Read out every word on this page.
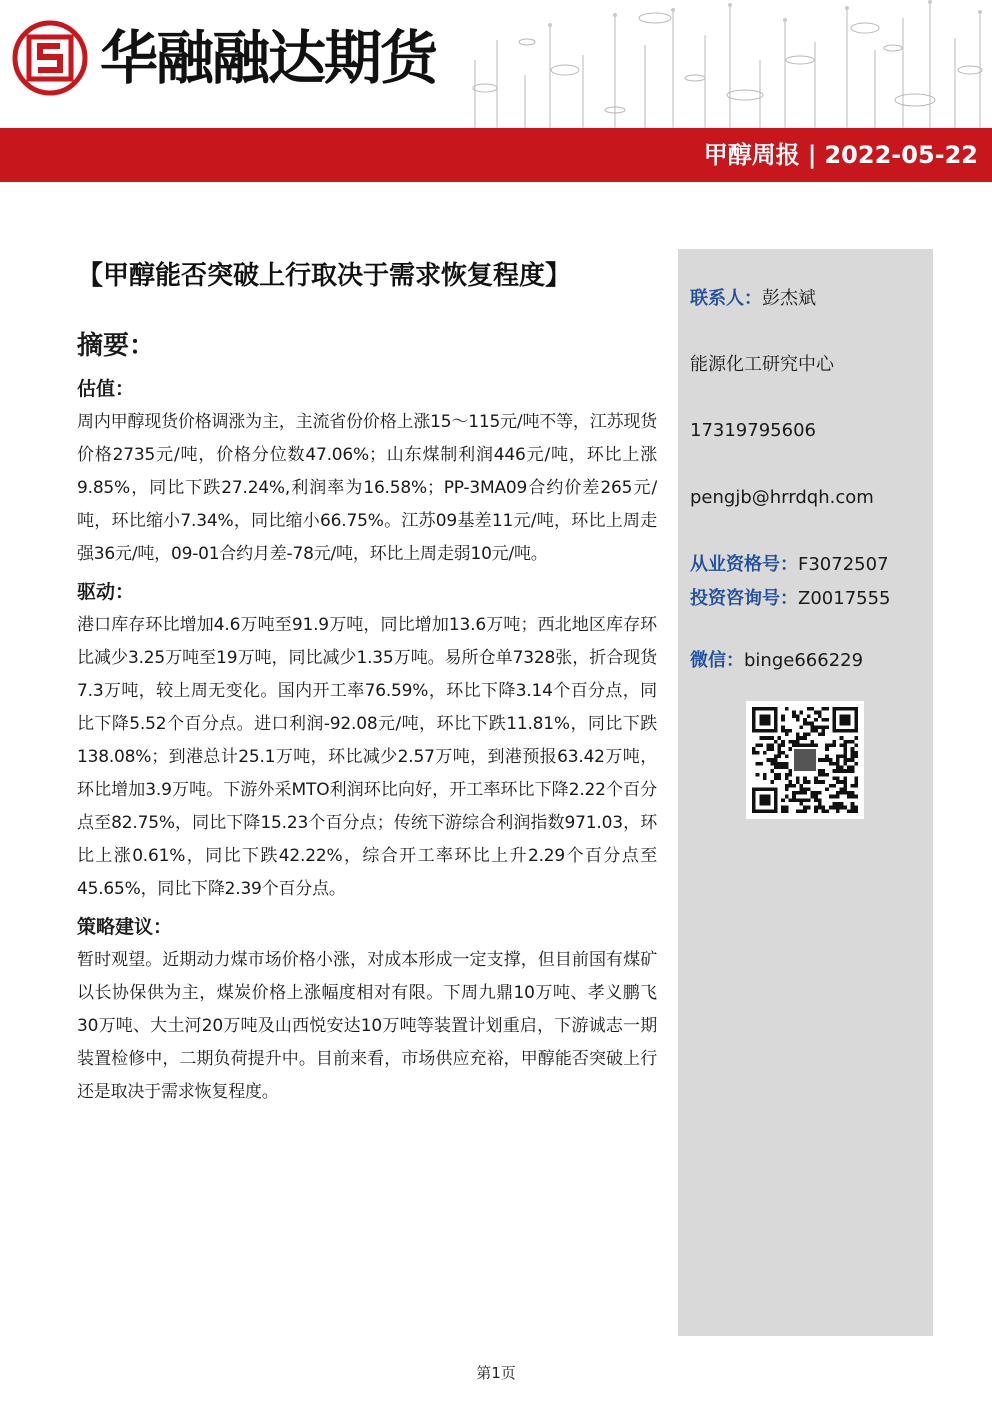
华融融达期货
甲醇周报 | 2022-05-22
【甲醇能否突破上行取决于需求恢复程度】
摘要：
估值：
周内甲醇现货价格调涨为主，主流省份价格上涨15～115元/吨不等，江苏现货价格2735元/吨，价格分位数47.06%；山东煤制利润446元/吨，环比上涨9.85%，同比下跌27.24%,利润率为16.58%；PP-3MA09合约价差265元/吨，环比缩小7.34%，同比缩小66.75%。江苏09基差11元/吨，环比上周走强36元/吨，09-01合约月差-78元/吨，环比上周走弱10元/吨。
驱动：
港口库存环比增加4.6万吨至91.9万吨，同比增加13.6万吨；西北地区库存环比减少3.25万吨至19万吨，同比减少1.35万吨。易所仓单7328张，折合现货7.3万吨，较上周无变化。国内开工率76.59%，环比下降3.14个百分点，同比下降5.52个百分点。进口利润-92.08元/吨，环比下跌11.81%，同比下跌138.08%；到港总计25.1万吨，环比减少2.57万吨，到港预报63.42万吨，环比增加3.9万吨。下游外采MTO利润环比向好，开工率环比下降2.22个百分点至82.75%，同比下降15.23个百分点；传统下游综合利润指数971.03，环比上涨0.61%，同比下跌42.22%，综合开工率环比上升2.29个百分点至45.65%，同比下降2.39个百分点。
策略建议：
暂时观望。近期动力煤市场价格小涨，对成本形成一定支撑，但目前国有煤矿以长协保供为主，煤炭价格上涨幅度相对有限。下周九鼎10万吨、孝义鹏飞30万吨、大土河20万吨及山西悦安达10万吨等装置计划重启，下游诚志一期装置检修中，二期负荷提升中。目前来看，市场供应充裕，甲醇能否突破上行还是取决于需求恢复程度。
联系人：彭杰斌
能源化工研究中心
17319795606
pengjb@hrrdqh.com
从业资格号：F3072507
投资咨询号：Z0017555
微信：binge666229
第1页
